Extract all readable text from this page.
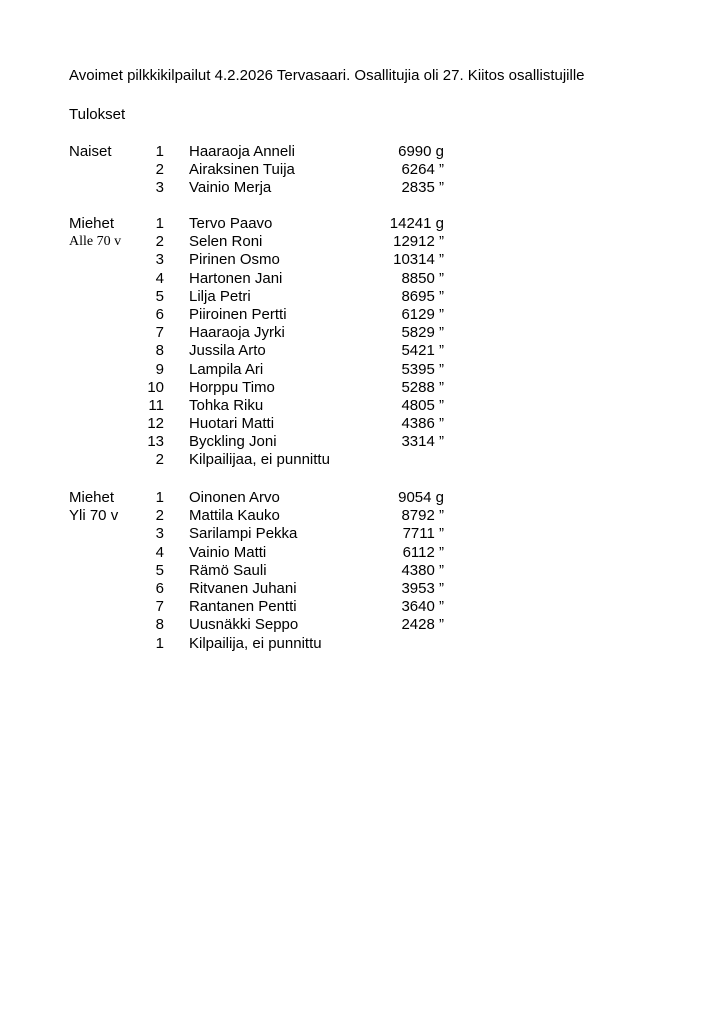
Avoimet pilkkikilpailut 4.2.2026 Tervasaari. Osallitujia oli 27. Kiitos osallistujille
Tulokset
Naiset	1 Haaraoja Anneli	6990 g
2 Airaksinen Tuija	6264 ”
3 Vainio Merja	2835 ”
Miehet	1 Tervo Paavo	14241 g
Alle 70 v	2 Selen Roni	12912 ”
3 Pirinen Osmo	10314 ”
4 Hartonen Jani	8850 ”
5 Lilja Petri	8695 ”
6 Piiroinen Pertti	6129 ”
7 Haaraoja Jyrki	5829 ”
8 Jussila Arto	5421 ”
9 Lampila Ari	5395 ”
10 Horppu Timo	5288 ”
11 Tohka Riku	4805 ”
12 Huotari Matti	4386 ”
13 Byckling Joni	3314 ”
2 Kilpailijaa, ei punnittu
Miehet	1 Oinonen Arvo	9054 g
Yli 70 v	2 Mattila Kauko	8792 ”
3 Sarilampi Pekka	7711 ”
4 Vainio Matti	6112 ”
5 Rämö Sauli	4380 ”
6 Ritvanen Juhani	3953 ”
7 Rantanen Pentti	3640 ”
8 Uusnäkki Seppo	2428 ”
1 Kilpailija, ei punnittu
